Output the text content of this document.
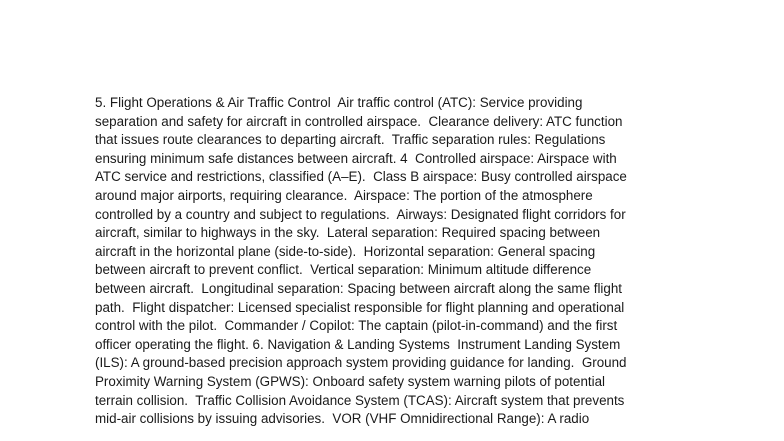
5. Flight Operations & Air Traffic Control  Air traffic control (ATC): Service providing
separation and safety for aircraft in controlled airspace.  Clearance delivery: ATC function
that issues route clearances to departing aircraft.  Traffic separation rules: Regulations
ensuring minimum safe distances between aircraft. 4  Controlled airspace: Airspace with
ATC service and restrictions, classified (A–E).  Class B airspace: Busy controlled airspace
around major airports, requiring clearance.  Airspace: The portion of the atmosphere
controlled by a country and subject to regulations.  Airways: Designated flight corridors for
aircraft, similar to highways in the sky.  Lateral separation: Required spacing between
aircraft in the horizontal plane (side-to-side).  Horizontal separation: General spacing
between aircraft to prevent conflict.  Vertical separation: Minimum altitude difference
between aircraft.  Longitudinal separation: Spacing between aircraft along the same flight
path.  Flight dispatcher: Licensed specialist responsible for flight planning and operational
control with the pilot.  Commander / Copilot: The captain (pilot-in-command) and the first
officer operating the flight. 6. Navigation & Landing Systems  Instrument Landing System
(ILS): A ground-based precision approach system providing guidance for landing.  Ground
Proximity Warning System (GPWS): Onboard safety system warning pilots of potential
terrain collision.  Traffic Collision Avoidance System (TCAS): Aircraft system that prevents
mid-air collisions by issuing advisories.  VOR (VHF Omnidirectional Range): A radio
